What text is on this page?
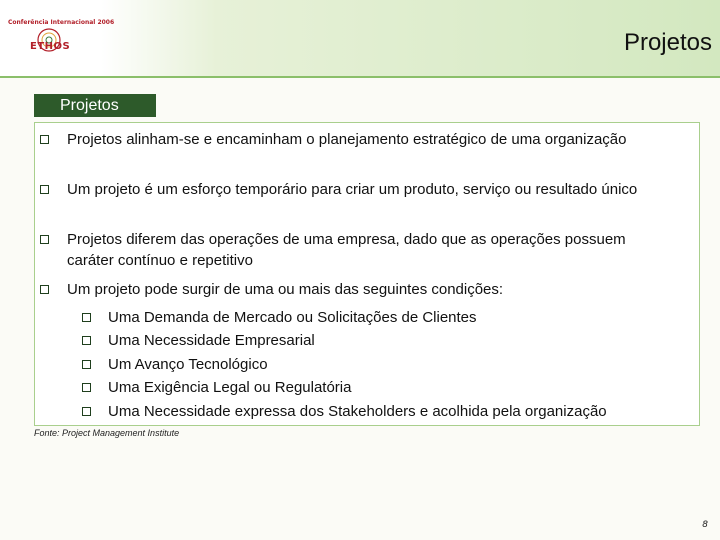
Conferência Internacional 2006
ETHOS	Projetos
Projetos
Projetos alinham-se e encaminham o planejamento estratégico de uma organização
Um projeto é um esforço temporário para criar um produto, serviço ou resultado único
Projetos diferem das operações de uma empresa, dado que as operações possuem caráter contínuo e repetitivo
Um projeto pode surgir de uma ou mais das seguintes condições:
Uma Demanda de Mercado ou Solicitações de Clientes
Uma Necessidade Empresarial
Um Avanço Tecnológico
Uma Exigência Legal ou Regulatória
Uma Necessidade expressa dos Stakeholders e acolhida pela organização
Fonte: Project Management Institute
8
